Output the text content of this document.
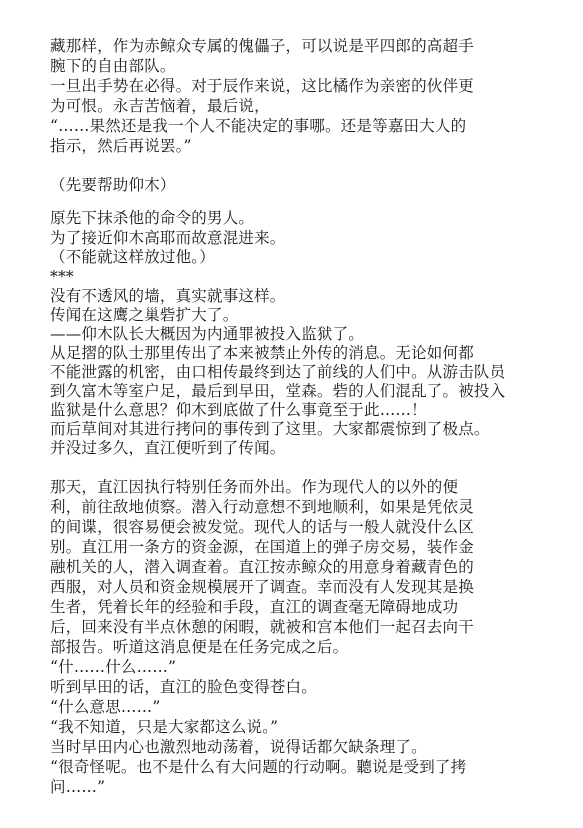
藏那样，作为赤鲸众专属的傀儡子，可以说是平四郎的高超手
腕下的自由部队。
一旦出手势在必得。对于辰作来说，这比橘作为亲密的伙伴更
为可恨。永吉苦恼着，最后说，
“……果然还是我一个人不能决定的事哪。还是等嘉田大人的
指示，然后再说罢。”
（先要帮助仰木）
原先下抹杀他的命令的男人。
为了接近仰木高耶而故意混进来。
（不能就这样放过他。）
***
没有不透风的墙，真实就事这样。
传闻在这鹰之巢砦扩大了。
——仰木队长大概因为内通罪被投入监狱了。
从足摺的队士那里传出了本来被禁止外传的消息。无论如何都
不能泄露的机密，由口相传最终到达了前线的人们中。从游击队员
到久富木等室户足，最后到早田，堂森。砦的人们混乱了。被投入
监狱是什么意思？仰木到底做了什么事竟至于此……！
而后草间对其进行拷问的事传到了这里。大家都震惊到了极点。
并没过多久，直江便听到了传闻。
那天，直江因执行特别任务而外出。作为现代人的以外的便
利，前往敌地侦察。潜入行动意想不到地顺利，如果是凭依灵
的间谍，很容易便会被发觉。现代人的话与一般人就没什么区
别。直江用一条方的资金源，在国道上的弹子房交易，装作金
融机关的人，潜入调查着。直江按赤鲸众的用意身着藏青色的
西服，对人员和资金规模展开了调查。幸而没有人发现其是换
生者，凭着长年的经验和手段，直江的调查毫无障碍地成功
后，回来没有半点休憩的闲暇，就被和宫本他们一起召去向干
部报告。听道这消息便是在任务完成之后。
“什……什么……”
听到早田的话，直江的脸色变得苍白。
“什么意思……”
“我不知道，只是大家都这么说。”
当时早田内心也激烈地动荡着，说得话都欠缺条理了。
“很奇怪呢。也不是什么有大问题的行动啊。聽说是受到了拷
问……”
